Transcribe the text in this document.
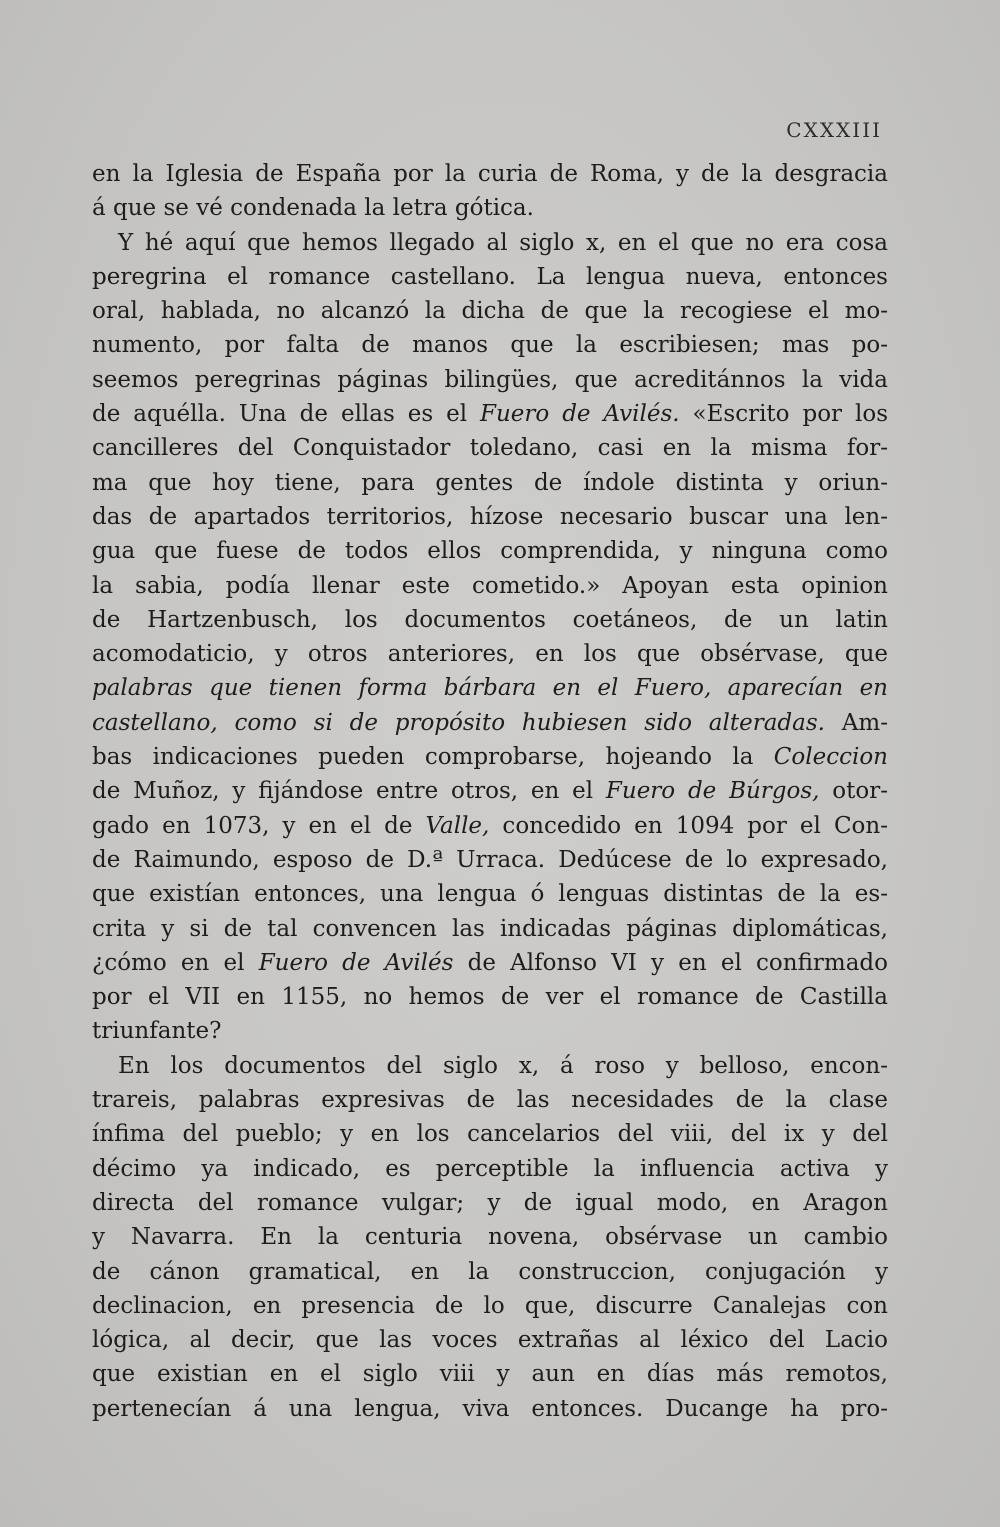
CXXXIII
en la Iglesia de España por la curia de Roma, y de la desgracia
á que se vé condenada la letra gótica.
Y hé aquí que hemos llegado al siglo x, en el que no era cosa
peregrina el romance castellano. La lengua nueva, entonces
oral, hablada, no alcanzó la dicha de que la recogiese el mo-
numento, por falta de manos que la escribiesen; mas po-
seemos peregrinas páginas bilingües, que acreditánnos la vida
de aquélla. Una de ellas es el Fuero de Avilés. «Escrito por los
cancilleres del Conquistador toledano, casi en la misma for-
ma que hoy tiene, para gentes de índole distinta y oriun-
das de apartados territorios, hízose necesario buscar una len-
gua que fuese de todos ellos comprendida, y ninguna como
la sabia, podía llenar este cometido.» Apoyan esta opinion
de Hartzenbusch, los documentos coetáneos, de un latin
acomodaticio, y otros anteriores, en los que obsérvase, que
palabras que tienen forma bárbara en el Fuero, aparecían en
castellano, como si de propósito hubiesen sido alteradas. Am-
bas indicaciones pueden comprobarse, hojeando la Coleccion
de Muñoz, y fijándose entre otros, en el Fuero de Búrgos, otor-
gado en 1073, y en el de Valle, concedido en 1094 por el Con-
de Raimundo, esposo de D.ª Urraca. Dedúcese de lo expresado,
que existían entonces, una lengua ó lenguas distintas de la es-
crita y si de tal convencen las indicadas páginas diplomáticas,
¿cómo en el Fuero de Avilés de Alfonso VI y en el confirmado
por el VII en 1155, no hemos de ver el romance de Castilla
triunfante?
En los documentos del siglo x, á roso y belloso, encon-
trareis, palabras expresivas de las necesidades de la clase
ínfima del pueblo; y en los cancelarios del viii, del ix y del
décimo ya indicado, es perceptible la influencia activa y
directa del romance vulgar; y de igual modo, en Aragon
y Navarra. En la centuria novena, obsérvase un cambio
de cánon gramatical, en la construccion, conjugación y
declinacion, en presencia de lo que, discurre Canalejas con
lógica, al decir, que las voces extrañas al léxico del Lacio
que existian en el siglo viii y aun en días más remotos,
pertenecían á una lengua, viva entonces. Ducange ha pro-
